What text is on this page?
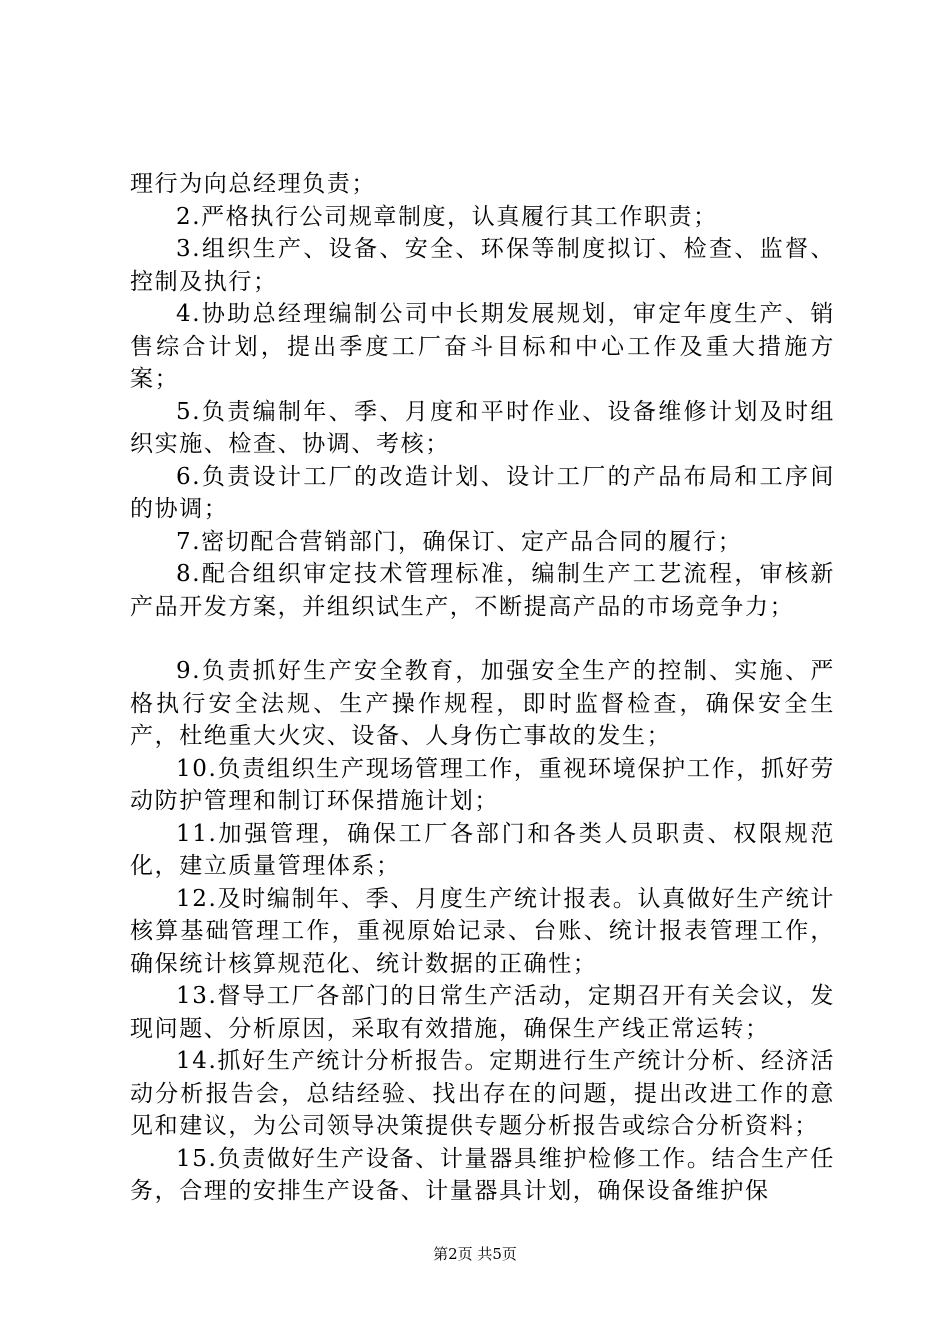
理行为向总经理负责；

2.严格执行公司规章制度，认真履行其工作职责；

3.组织生产、设备、安全、环保等制度拟订、检查、监督、控制及执行；

4.协助总经理编制公司中长期发展规划，审定年度生产、销售综合计划，提出季度工厂奋斗目标和中心工作及重大措施方案；

5.负责编制年、季、月度和平时作业、设备维修计划及时组织实施、检查、协调、考核；

6.负责设计工厂的改造计划、设计工厂的产品布局和工序间的协调；

7.密切配合营销部门，确保订、定产品合同的履行；

8.配合组织审定技术管理标准，编制生产工艺流程，审核新产品开发方案，并组织试生产，不断提高产品的市场竞争力；

9.负责抓好生产安全教育，加强安全生产的控制、实施、严格执行安全法规、生产操作规程，即时监督检查，确保安全生产，杜绝重大火灾、设备、人身伤亡事故的发生；

10.负责组织生产现场管理工作，重视环境保护工作，抓好劳动防护管理和制订环保措施计划；

11.加强管理，确保工厂各部门和各类人员职责、权限规范化，建立质量管理体系；

12.及时编制年、季、月度生产统计报表。认真做好生产统计核算基础管理工作，重视原始记录、台账、统计报表管理工作，确保统计核算规范化、统计数据的正确性；

13.督导工厂各部门的日常生产活动，定期召开有关会议，发现问题、分析原因，采取有效措施，确保生产线正常运转；

14.抓好生产统计分析报告。定期进行生产统计分析、经济活动分析报告会，总结经验、找出存在的问题，提出改进工作的意见和建议，为公司领导决策提供专题分析报告或综合分析资料；

15.负责做好生产设备、计量器具维护检修工作。结合生产任务，合理的安排生产设备、计量器具计划，确保设备维护保

第2页 共5页
